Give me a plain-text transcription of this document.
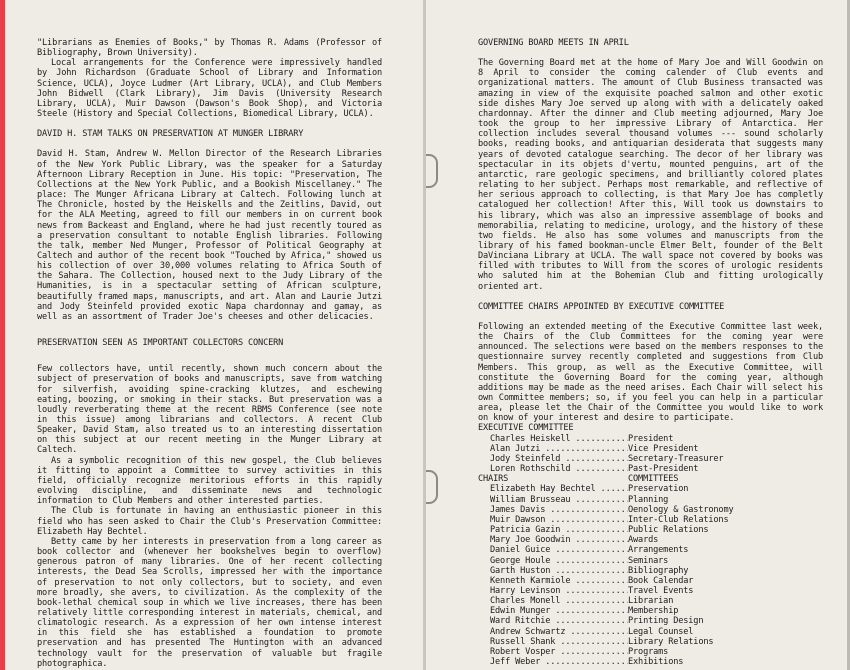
"Librarians as Enemies of Books," by Thomas R. Adams (Professor of Bibliography, Brown University).

Local arrangements for the Conference were impressively handled by John Richardson (Graduate School of Library and Information Science, UCLA), Joyce Ludmer (Art Library, UCLA), and Club Members John Bidwell (Clark Library), Jim Davis (University Research Library, UCLA), Muir Dawson (Dawson's Book Shop), and Victoria Steele (History and Special Collections, Biomedical Library, UCLA).

DAVID H. STAM TALKS ON PRESERVATION AT MUNGER LIBRARY

David H. Stam, Andrew W. Mellon Director of the Research Libraries of the New York Public Library, was the speaker for a Saturday Afternoon Library Reception in June. His topic: "Preservation, The Collections at the New York Public, and a Bookish Miscellaney." The place: The Munger Africana Library at Caltech. Following lunch at The Chronicle, hosted by the Heiskells and the Zeitlins, David, out for the ALA Meeting, agreed to fill our members in on current book news from Backeast and England, where he had just recently toured as a preservation consultant to notable English libraries. Following the talk, member Ned Munger, Professor of Political Geography at Caltech and author of the recent book "Touched by Africa," showed us his collection of over 30,000 volumes relating to Africa South of the Sahara. The Collection, housed next to the Judy Library of the Humanities, is in a spectacular setting of African sculpture, beautifully framed maps, manuscripts, and art. Alan and Laurie Jutzi and Jody Steinfeld provided exotic Napa chardonnay and gamay, as well as an assortment of Trader Joe's cheeses and other delicacies.

PRESERVATION SEEN AS IMPORTANT COLLECTORS CONCERN

Few collectors have, until recently, shown much concern about the subject of preservation of books and manuscripts, save from watching for silverfish, avoiding spine-cracking klutzes, and eschewing eating, boozing, or smoking in their stacks. But preservation was a loudly reverberating theme at the recent RBMS Conference (see note in this issue) among librarians and collectors. A recent Club Speaker, David Stam, also treated us to an interesting dissertation on this subject at our recent meeting in the Munger Library at Caltech.

As a symbolic recognition of this new gospel, the Club believes it fitting to appoint a Committee to survey activities in this field, officially recognize meritorious efforts in this rapidly evolving discipline, and disseminate news and technologic information to Club Members and other interested parties.

The Club is fortunate in having an enthusiastic pioneer in this field who has seen asked to Chair the Club's Preservation Committee: Elizabeth Hay Bechtel.

Betty came by her interests in preservation from a long career as book collector and (whenever her bookshelves begin to overflow) generous patron of many libraries. One of her recent collecting interests, the Dead Sea Scrolls, impressed her with the importance of preservation to not only collectors, but to society, and even more broadly, she avers, to civilization. As the complexity of the book-lethal chemical soup in which we live increases, there has been relatively little corresponding interest in materials, chemical, and climatologic research. As a expression of her own intense interest in this field she has established a foundation to promote preservation and has presented The Huntington with an advanced technology vault for the preservation of valuable but fragile photographica.

GOVERNING BOARD MEETS IN APRIL

The Governing Board met at the home of Mary Joe and Will Goodwin on 8 April to consider the coming calender of Club events and organizational matters. The amount of Club Business transacted was amazing in view of the exquisite poached salmon and other exotic side dishes Mary Joe served up along with with a delicately oaked chardonnay. After the dinner and Club meeting adjourned, Mary Joe took the group to her impressive Library of Antarctica. Her collection includes several thousand volumes --- sound scholarly books, reading books, and antiquarian desiderata that suggests many years of devoted catalogue searching. The decor of her library was spectacular in its objets d'vertu, mounted penguins, art of the antarctic, rare geologic specimens, and brilliantly colored plates relating to her subject. Perhaps most remarkable, and reflective of her serious approach to collecting, is that Mary Joe has completly catalogued her collection! After this, Will took us downstairs to his library, which was also an impressive assemblage of books and memorabilia, relating to medicine, urology, and the history of these two fields. He also has some volumes and manuscripts from the library of his famed bookman-uncle Elmer Belt, founder of the Belt DaVinciana Library at UCLA. The wall space not covered by books was filled with tributes to Will from the scores of urologic residents who saluted him at the Bohemian Club and fitting urologically oriented art.

COMMITTEE CHAIRS APPOINTED BY EXECUTIVE COMMITTEE

Following an extended meeting of the Executive Committee last week, the Chairs of the Club Committees for the coming year were announced. The selections were based on the members responses to the questionnaire survey recently completed and suggestions from Club Members. This group, as well as the Executive Committee, will constitute the Governing Board for the coming year, although additions may be made as the need arises. Each Chair will select his own Committee members; so, if you feel you can help in a particular area, please let the Chair of the Committee you would like to work on know of your interest and desire to participate.

EXECUTIVE COMMITTEE

Charles Heiskell .....	President
Alan Jutzi .....	Vice President
Jody Steinfeld .....	Secretary-Treasurer
Loren Rothschild .....	Past-President
CHAIRS	COMMITTEES
Elizabeth Hay Bechtel .....	Preservation
William Brusseau .....	Planning
James Davis .....	Oenology & Gastronomy
Muir Dawson .....	Inter-Club Relations
Patricia Gazin .....	Public Relations
Mary Joe Goodwin .....	Awards
Daniel Guice .....	Arrangements
George Houle .....	Seminars
Garth Huston .....	Bibliography
Kenneth Karmiole .....	Book Calendar
Harry Levinson .....	Travel Events
Charles Monell .....	Librarian
Edwin Munger .....	Membership
Ward Ritchie .....	Printing Design
Andrew Schwartz .....	Legal Counsel
Russell Shank .....	Library Relations
Robert Vosper .....	Programs
Jeff Weber .....	Exhibitions
